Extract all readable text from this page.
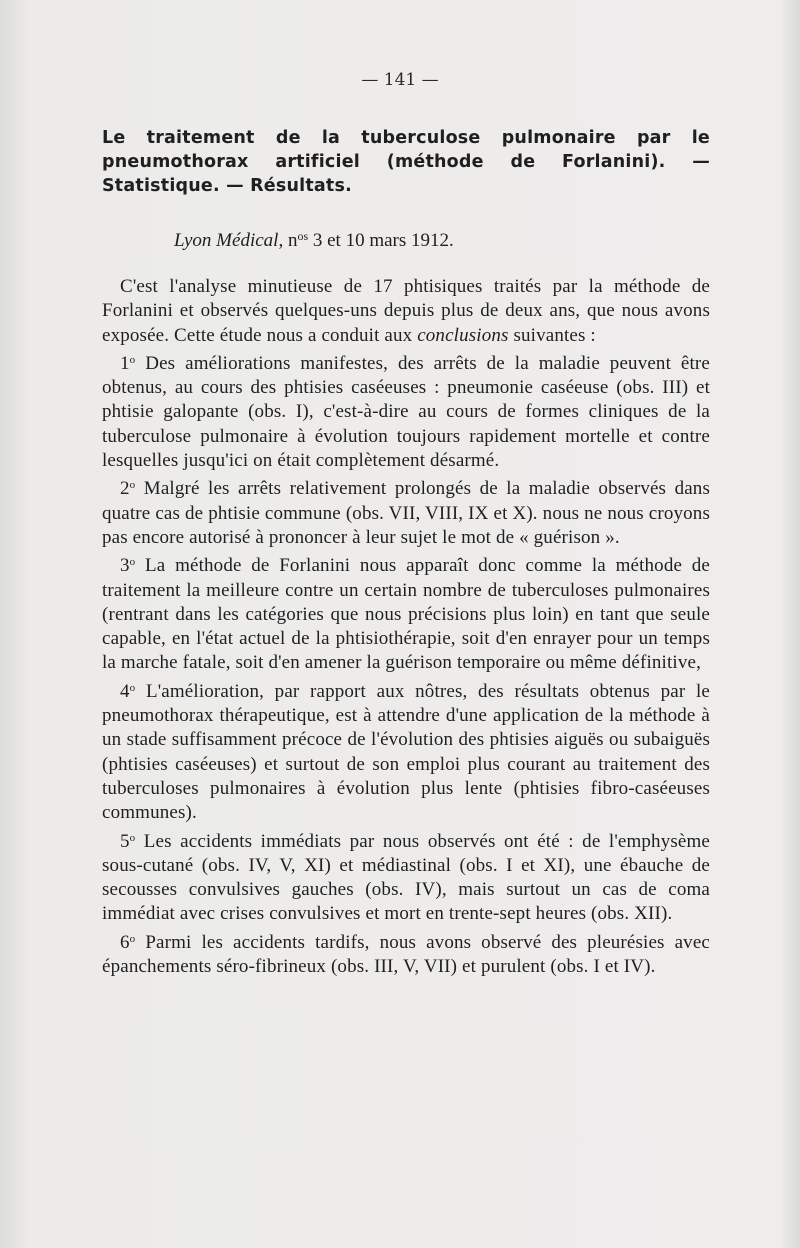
— 141 —
Le traitement de la tuberculose pulmonaire par le pneumothorax artificiel (méthode de Forlanini). — Statistique. — Résultats.
Lyon Médical, $n^{os}$ 3 et 10 mars 1912.

C'est l'analyse minutieuse de 17 phtisiques traités par la méthode de Forlanini et observés quelques-uns depuis plus de deux ans, que nous avons exposée. Cette étude nous a conduit aux conclusions suivantes :

1$^o$ Des améliorations manifestes, des arrêts de la maladie peuvent être obtenus, au cours des phtisies caséeuses : pneumonie caséeuse (obs. III) et phtisie galopante (obs. I), c'est-à-dire au cours de formes cliniques de la tuberculose pulmonaire à évolution toujours rapidement mortelle et contre lesquelles jusqu'ici on était complètement désarmé.

2$^o$ Malgré les arrêts relativement prolongés de la maladie observés dans quatre cas de phtisie commune (obs. VII, VIII, IX et X). nous ne nous croyons pas encore autorisé à prononcer à leur sujet le mot de « guérison ».

3$^o$ La méthode de Forlanini nous apparaît donc comme la méthode de traitement la meilleure contre un certain nombre de tuberculoses pulmonaires (rentrant dans les catégories que nous précisions plus loin) en tant que seule capable, en l'état actuel de la phtisiothérapie, soit d'en enrayer pour un temps la marche fatale, soit d'en amener la guérison temporaire ou même définitive,

4$^o$ L'amélioration, par rapport aux nôtres, des résultats obtenus par le pneumothorax thérapeutique, est à attendre d'une application de la méthode à un stade suffisamment précoce de l'évolution des phtisies aiguës ou subaiguës (phtisies caséeuses) et surtout de son emploi plus courant au traitement des tuberculoses pulmonaires à évolution plus lente (phtisies fibro-caséeuses communes).

5$^o$ Les accidents immédiats par nous observés ont été : de l'emphysème sous-cutané (obs. IV, V, XI) et médiastinal (obs. I et XI), une ébauche de secousses convulsives gauches (obs. IV), mais surtout un cas de coma immédiat avec crises convulsives et mort en trente-sept heures (obs. XII).

6$^o$ Parmi les accidents tardifs, nous avons observé des pleurésies avec épanchements séro-fibrineux (obs. III, V, VII) et purulent (obs. I et IV).
